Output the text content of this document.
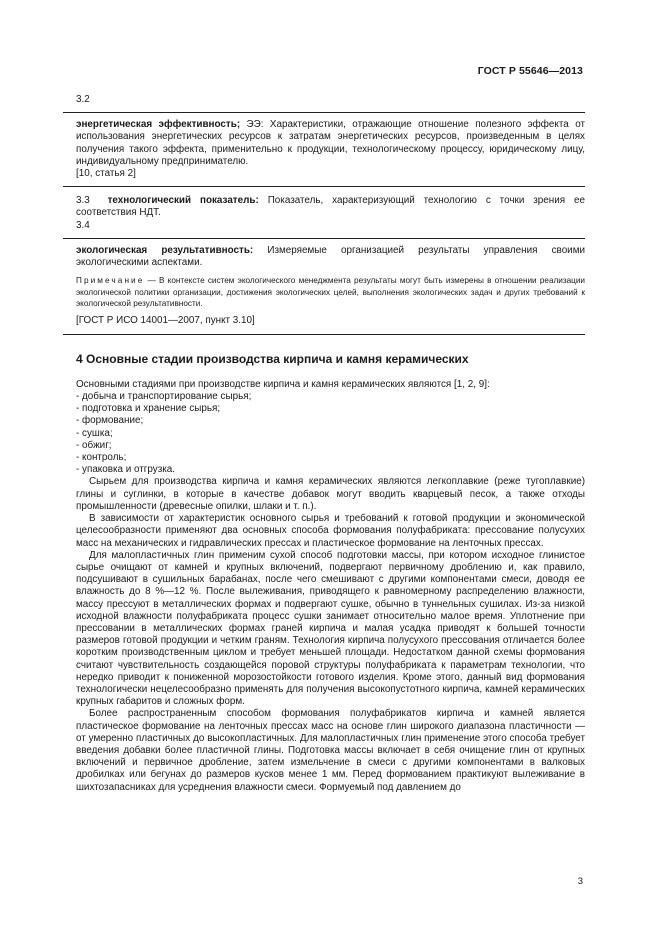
ГОСТ Р 55646—2013

3.2

энергетическая эффективность; ЭЭ: Характеристики, отражающие отношение полезного эффекта от использования энергетических ресурсов к затратам энергетических ресурсов, произведенным в целях получения такого эффекта, применительно к продукции, технологическому процессу, юридическому лицу, индивидуальному предпринимателю.

[10, статья 2]

3.3 технологический показатель: Показатель, характеризующий технологию с точки зрения ее соответствия НДТ.

3.4

экологическая результативность: Измеряемые организацией результаты управления своими экологическими аспектами.

Примечание — В контексте систем экологического менеджмента результаты могут быть измерены в отношении реализации экологической политики организации, достижения экологических целей, выполнения экологических задач и других требований к экологической результативности.

[ГОСТ Р ИСО 14001—2007, пункт 3.10]

4 Основные стадии производства кирпича и камня керамических

Основными стадиями при производстве кирпича и камня керамических являются [1, 2, 9]:

- добыча и транспортирование сырья;
- подготовка и хранение сырья;
- формование;
- сушка;
- обжиг;
- контроль;
- упаковка и отгрузка.

Сырьем для производства кирпича и камня керамических являются легкоплавкие (реже тугоплавкие) глины и суглинки, в которые в качестве добавок могут вводить кварцевый песок, а также отходы промышленности (древесные опилки, шлаки и т. п.).

В зависимости от характеристик основного сырья и требований к готовой продукции и экономической целесообразности применяют два основных способа формования полуфабриката: прессование полусухих масс на механических и гидравлических прессах и пластическое формование на ленточных прессах.

Для малопластичных глин применим сухой способ подготовки массы, при котором исходное глинистое сырье очищают от камней и крупных включений, подвергают первичному дроблению и, как правило, подсушивают в сушильных барабанах, после чего смешивают с другими компонентами смеси, доводя ее влажность до 8 %—12 %. После вылеживания, приводящего к равномерному распределению влажности, массу прессуют в металлических формах и подвергают сушке, обычно в туннельных сушилах. Из-за низкой исходной влажности полуфабриката процесс сушки занимает относительно малое время. Уплотнение при прессовании в металлических формах граней кирпича и малая усадка приводят к большей точности размеров готовой продукции и четким граням. Технология кирпича полусухого прессования отличается более коротким производственным циклом и требует меньшей площади. Недостатком данной схемы формования считают чувствительность создающейся поровой структуры полуфабриката к параметрам технологии, что нередко приводит к пониженной морозостойкости готового изделия. Кроме этого, данный вид формования технологически нецелесообразно применять для получения высокопустотного кирпича, камней керамических крупных габаритов и сложных форм.

Более распространенным способом формования полуфабрикатов кирпича и камней является пластическое формование на ленточных прессах масс на основе глин широкого диапазона пластичности — от умеренно пластичных до высокопластичных. Для малопластичных глин применение этого способа требует введения добавки более пластичной глины. Подготовка массы включает в себя очищение глин от крупных включений и первичное дробление, затем измельчение в смеси с другими компонентами в валковых дробилках или бегунах до размеров кусков менее 1 мм. Перед формованием практикуют вылеживание в шихтозапасниках для усреднения влажности смеси. Формуемый под давлением до

3
